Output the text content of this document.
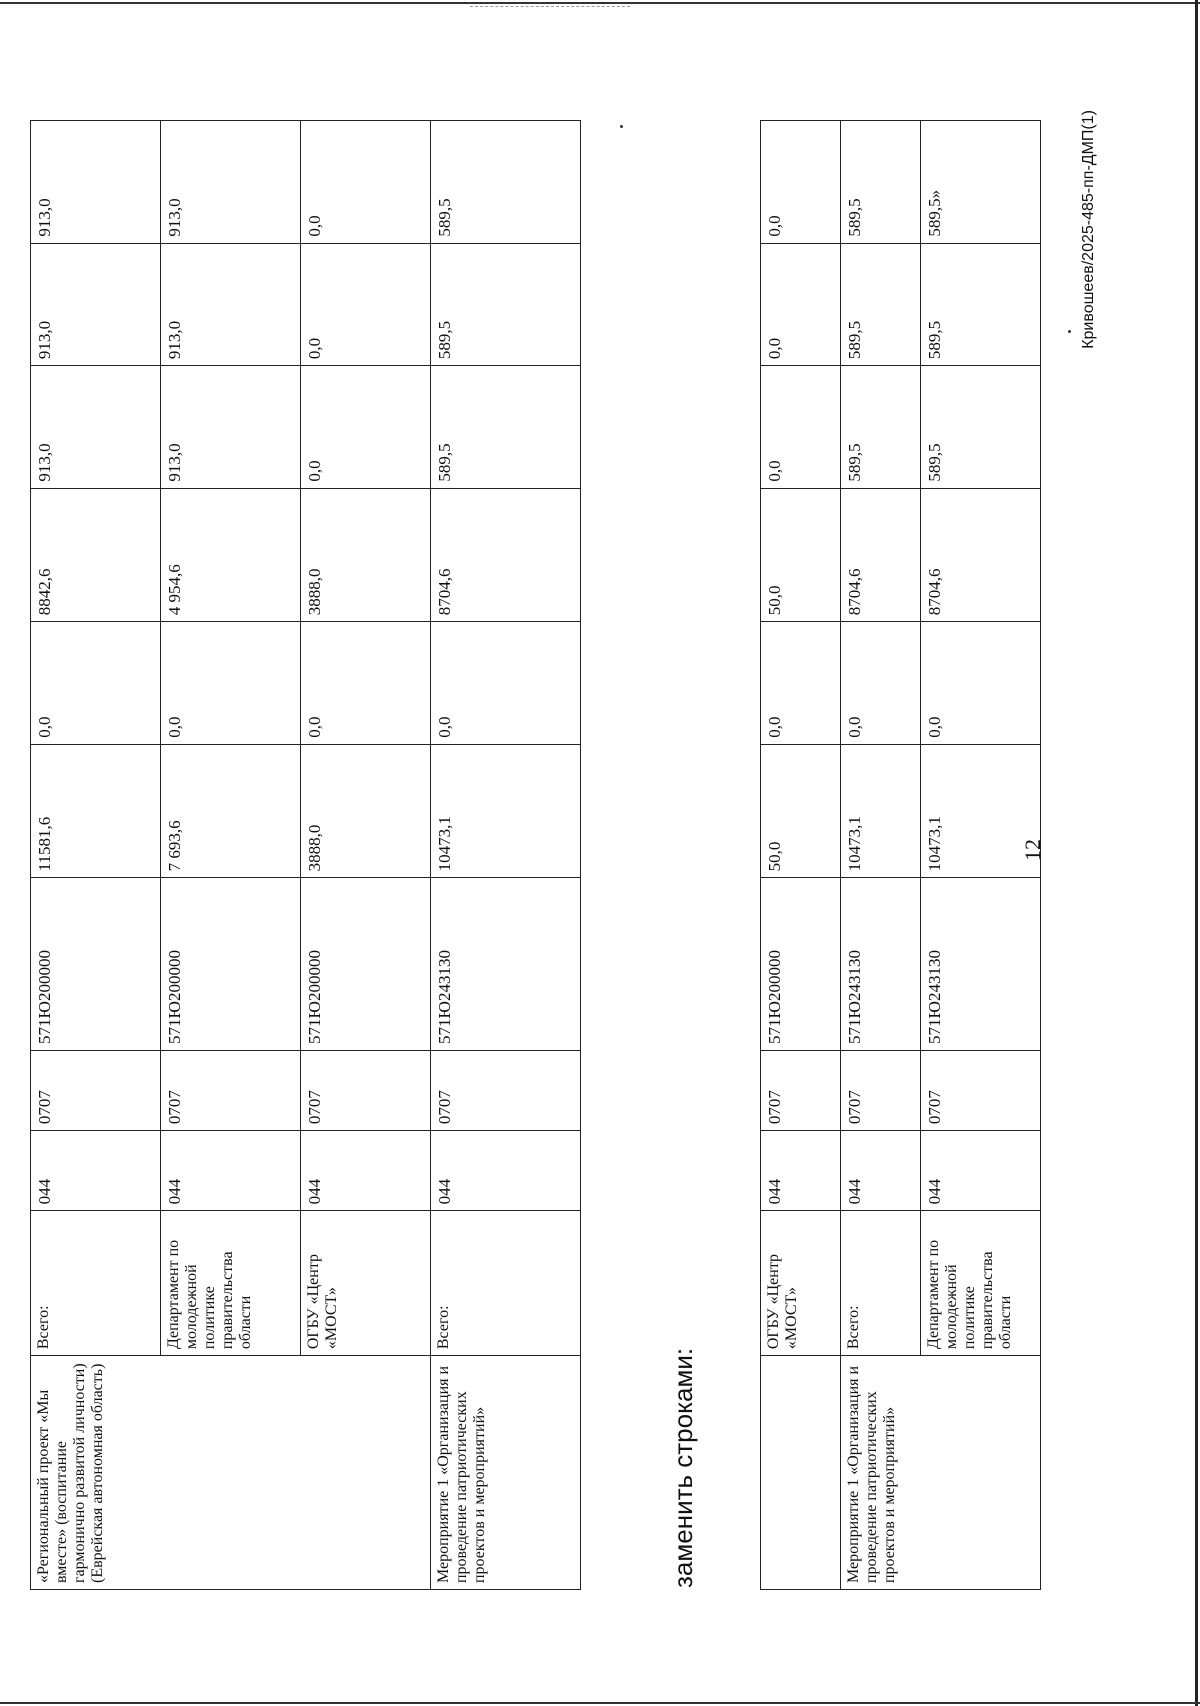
Кривошеев/2025-485-пп-ДМП(1)
12
	ОГБУ «Центр «МОСТ»	044	0707	571Ю200000	50,0	0,0	50,0	0,0	0,0	0,0
Мероприятие 1 «Организация и проведение патриотических проектов и мероприятий»	Всего:	044	0707	571Ю243130	10473,1	0,0	8704,6	589,5	589,5	589,5
	Департамент по молодежной политике правительства области	044	0707	571Ю243130	10473,1	0,0	8704,6	589,5	589,5	589,5»
заменить строками:
«Региональный проект «Мы вместе» (воспитание гармонично развитой личности) (Еврейская автономная область)	Всего:	044	0707	571Ю200000	11581,6	0,0	8842,6	913,0	913,0	913,0
	Департамент по молодежной политике правительства области	044	0707	571Ю200000	7 693,6	0,0	4 954,6	913,0	913,0	913,0
	ОГБУ «Центр «МОСТ»	044	0707	571Ю200000	3888,0	0,0	3888,0	0,0	0,0	0,0
Мероприятие 1 «Организация и проведение патриотических проектов и мероприятий»	Всего:	044	0707	571Ю243130	10473,1	0,0	8704,6	589,5	589,5	589,5
